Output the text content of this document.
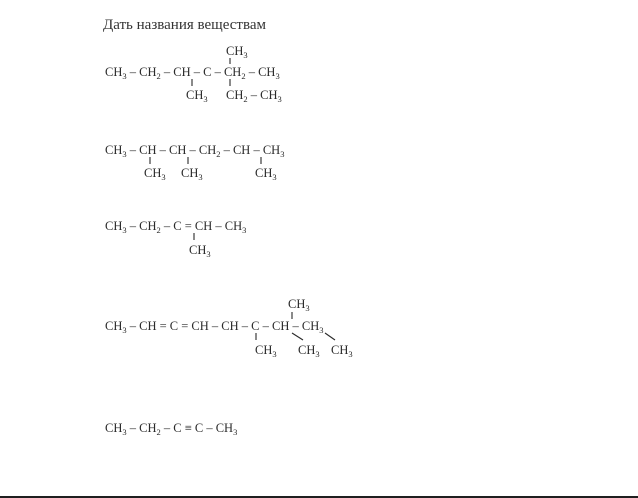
Дать названия веществам
$CH_3$
$CH_3 - CH_2$ – CH – C – $CH_2 - CH_3$
$CH_3$ $CH_2 - CH_3$
$CH_3$ – CH – CH – $CH_2$ – CH – $CH_3$
$CH_3$ $CH_3$	$CH_3$
$CH_3 - CH_2$ – C = CH – $CH_3$
$CH_3$
$CH_3$
$CH_3$ – CH = C = CH – CH – C – CH – $CH_3$
$CH_3$ $CH_3$ $CH_3$
$CH_3 - CH_2 - C \equiv C - CH_3$
